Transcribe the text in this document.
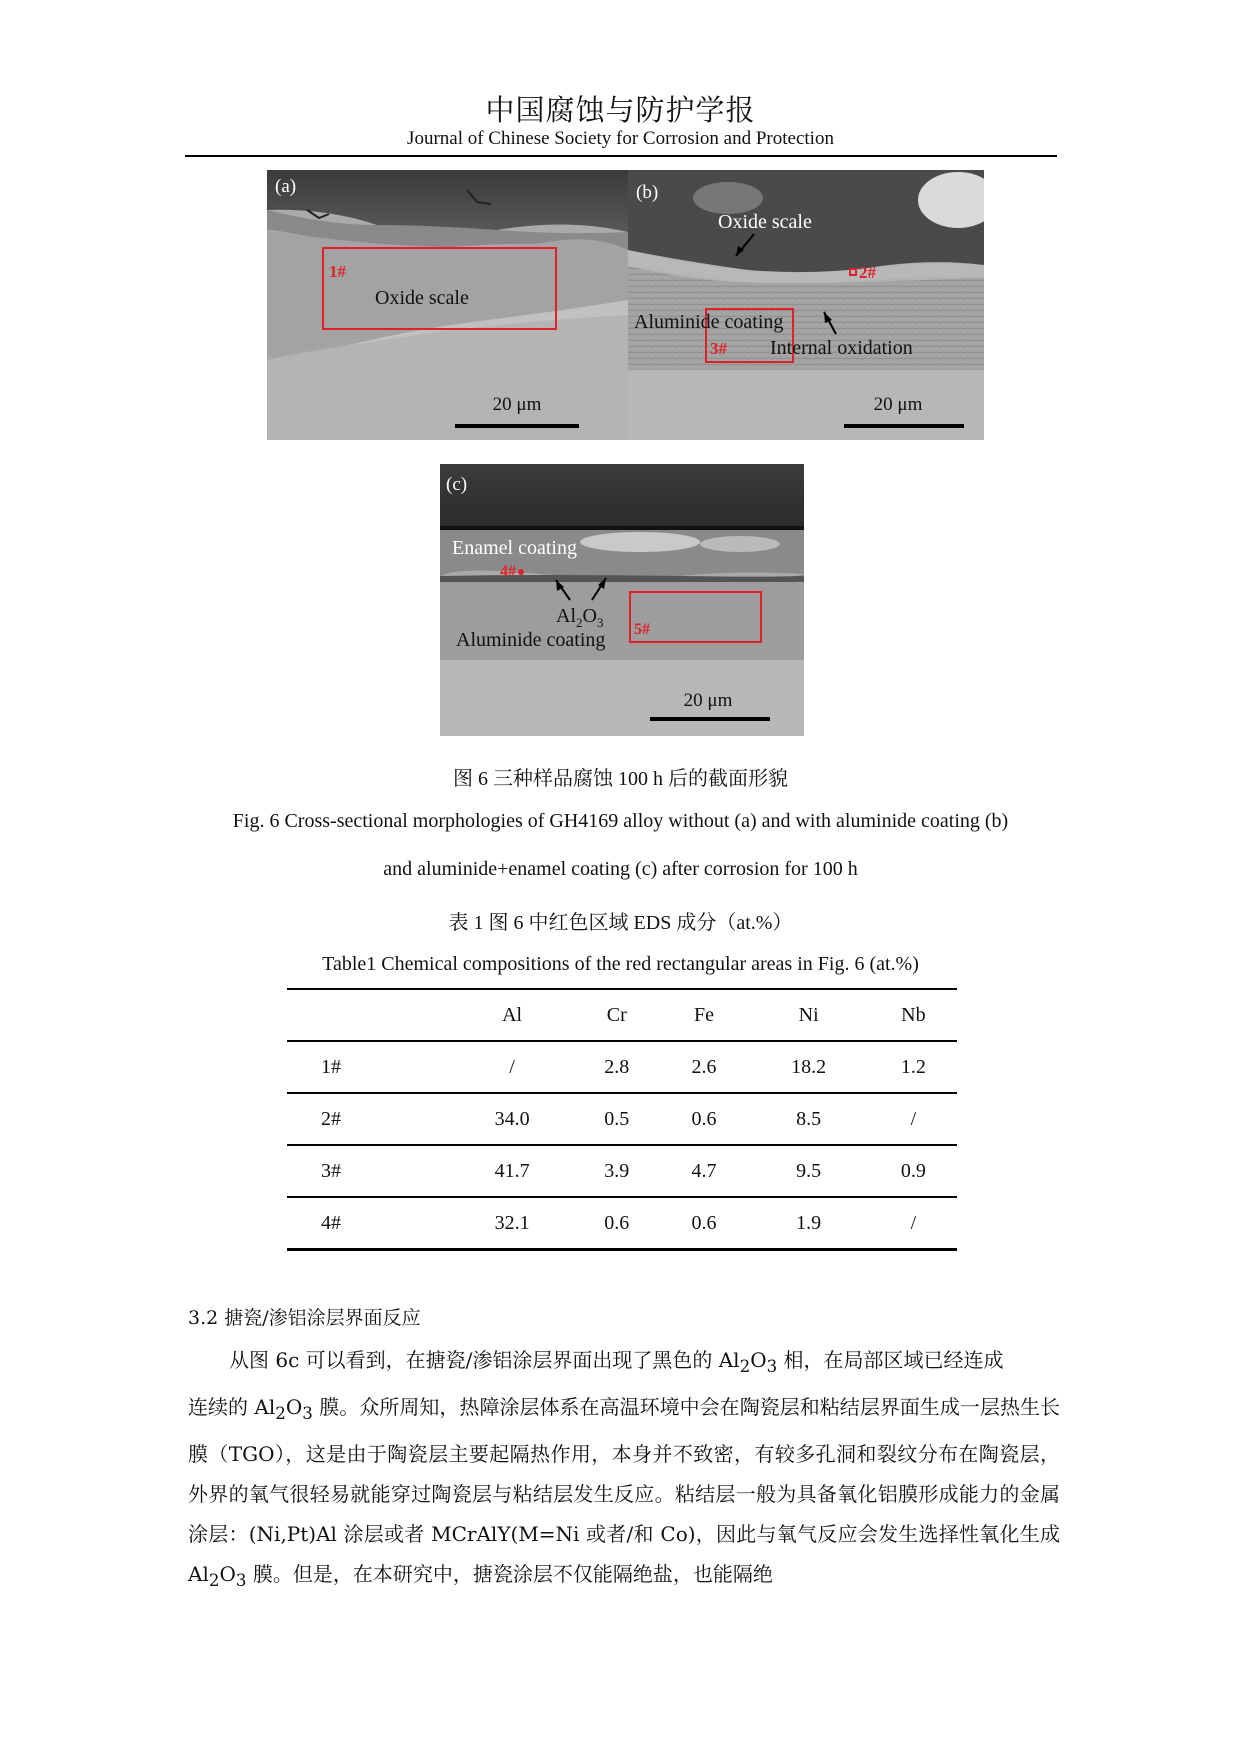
中国腐蚀与防护学报
Journal of Chinese Society for Corrosion and Protection
(a)
1#
Oxide scale
20 μm
(b)
Oxide scale
2#
Aluminide coating
3# Internal oxidation
20 μm
(c)
Enamel coating
4#
$Al_2O_3$
Aluminide coating 5#
20 μm
图 6 三种样品腐蚀 100 h 后的截面形貌
Fig. 6 Cross-sectional morphologies of GH4169 alloy without (a) and with aluminide coating (b)
and aluminide+enamel coating (c) after corrosion for 100 h
表 1 图 6 中红色区域 EDS 成分（at.%）
Table1 Chemical compositions of the red rectangular areas in Fig. 6 (at.%)
	Al	Cr	Fe	Ni	Nb
1#	/	2.8	2.6	18.2	1.2
2#	34.0	0.5	0.6	8.5	/
3#	41.7	3.9	4.7	9.5	0.9
4#	32.1	0.6	0.6	1.9	/
3.2 搪瓷/渗铝涂层界面反应

从图 6c 可以看到，在搪瓷/渗铝涂层界面出现了黑色的 $Al_2O_3$ 相，在局部区域已经连成

连续的 $Al_2O_3$ 膜。众所周知，热障涂层体系在高温环境中会在陶瓷层和粘结层界面生成一层热生长膜（TGO），这是由于陶瓷层主要起隔热作用，本身并不致密，有较多孔洞和裂纹分布在陶瓷层，外界的氧气很轻易就能穿过陶瓷层与粘结层发生反应。粘结层一般为具备氧化铝膜形成能力的金属涂层：(Ni,Pt)Al 涂层或者 MCrAlY(M=Ni 或者/和 Co)，因此与氧气反应会发生选择性氧化生成 $Al_2O_3$ 膜。但是，在本研究中，搪瓷涂层不仅能隔绝盐，也能隔绝
